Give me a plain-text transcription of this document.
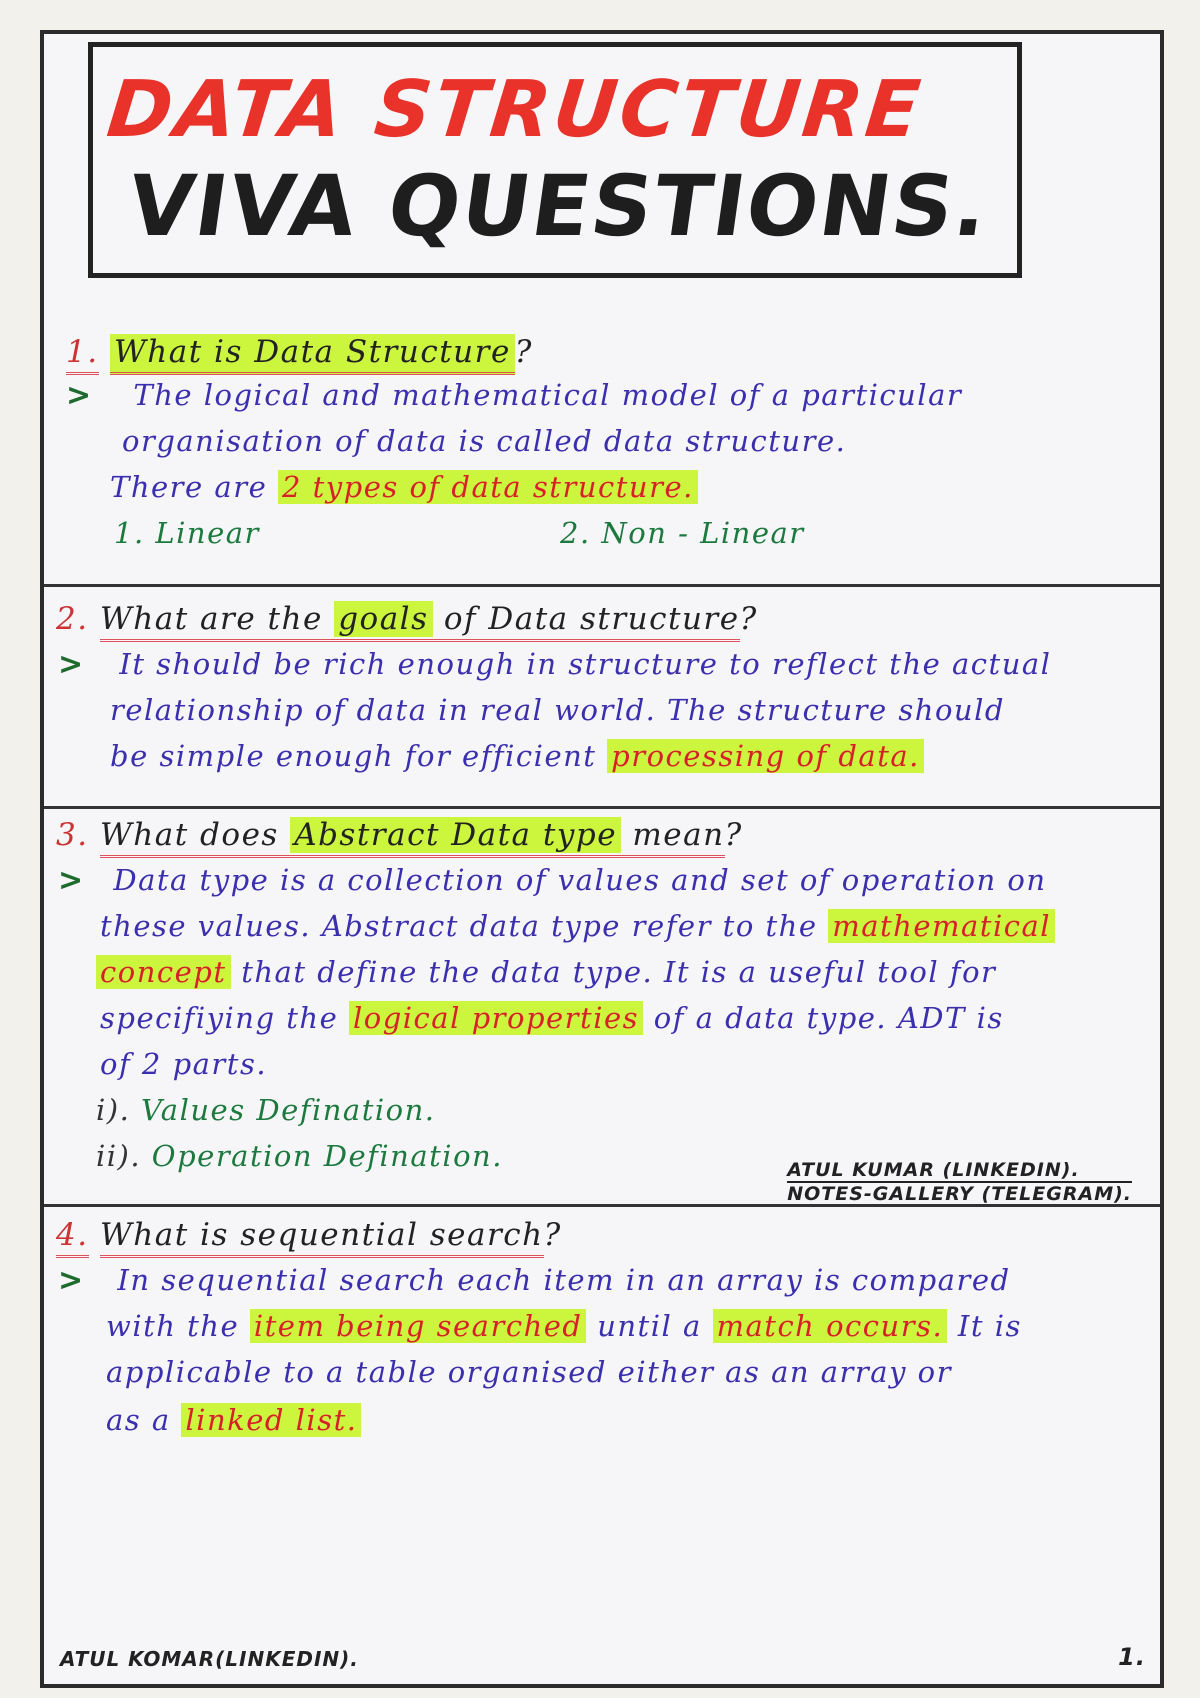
DATA STRUCTURE
VIVA QUESTIONS.
1. What is Data Structure ?
> The logical and mathematical model of a particular
organisation of data is called data structure.
There are 2 types of data structure.
1. Linear	2. Non - Linear
2. What are the goals of Data structure?
> It should be rich enough in structure to reflect the actual
relationship of data in real world. The structure should
be simple enough for efficient processing of data.
3. What does Abstract Data type mean?
> Data type is a collection of values and set of operation on
these values. Abstract data type refer to the mathematical
concept that define the data type. It is a useful tool for
specifiying the logical properties of a data type. ADT is
of 2 parts.
i). Values Defination.
ii). Operation Defination.	ATUL KUMAR (LINKEDIN).
NOTES-GALLERY (TELEGRAM).
4. What is sequential search?
> In sequential search each item in an array is compared
with the item being searched until a match occurs. It is
applicable to a table organised either as an array or
as a linked list.
ATUL KOMAR(LINKEDIN).	1.
